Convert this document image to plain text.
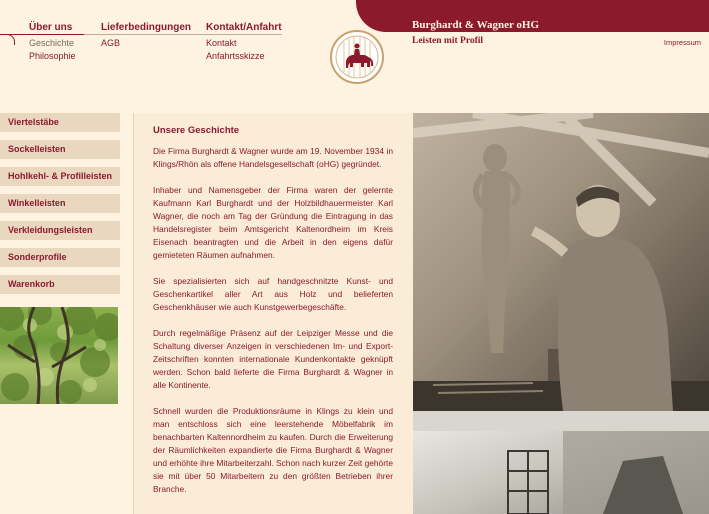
Über uns	Lieferbedingungen Kontakt/Anfahrt
Geschichte
Philosophie
AGB	Kontakt
Anfahrtsskizze
Burghardt & Wagner oHG
Leisten mit Profil	Impressum
Viertelstäbe
Sockelleisten
Hohlkehl- & Profilleisten
Winkelleisten
Verkleidungsleisten
Sonderprofile
Warenkorb
Unsere Geschichte

Die Firma Burghardt & Wagner wurde am 19. November 1934 in Klings/Rhön als offene Handelsgesellschaft (oHG) gegründet.

Inhaber und Namensgeber der Firma waren der gelernte Kaufmann Karl Burghardt und der Holzbildhauermeister Karl Wagner, die noch am Tag der Gründung die Eintragung in das Handelsregister beim Amtsgericht Kaltenordheim im Kreis Eisenach beantragten und die Arbeit in den eigens dafür gemieteten Räumen aufnahmen.

Sie spezialisierten sich auf handgeschnitzte Kunst- und Geschenkartikel aller Art aus Holz und belieferten Geschenkhäuser wie auch Kunstgewerbegeschäfte.

Durch regelmäßige Präsenz auf der Leipziger Messe und die Schaltung diverser Anzeigen in verschiedenen Im- und Export-Zeitschriften konnten internationale Kundenkontakte geknüpft werden. Schon bald lieferte die Firma Burghardt & Wagner in alle Kontinente.

Schnell wurden die Produktionsräume in Klings zu klein und man entschloss sich eine leerstehende Möbelfabrik im benachbarten Kaltennordheim zu kaufen. Durch die Erweiterung der Räumlichkeiten expandierte die Firma Burghardt & Wagner und erhöhte ihre Mitarbeiterzahl. Schon nach kurzer Zeit gehörte sie mit über 50 Mitarbeitern zu den größten Betrieben ihrer Branche.
